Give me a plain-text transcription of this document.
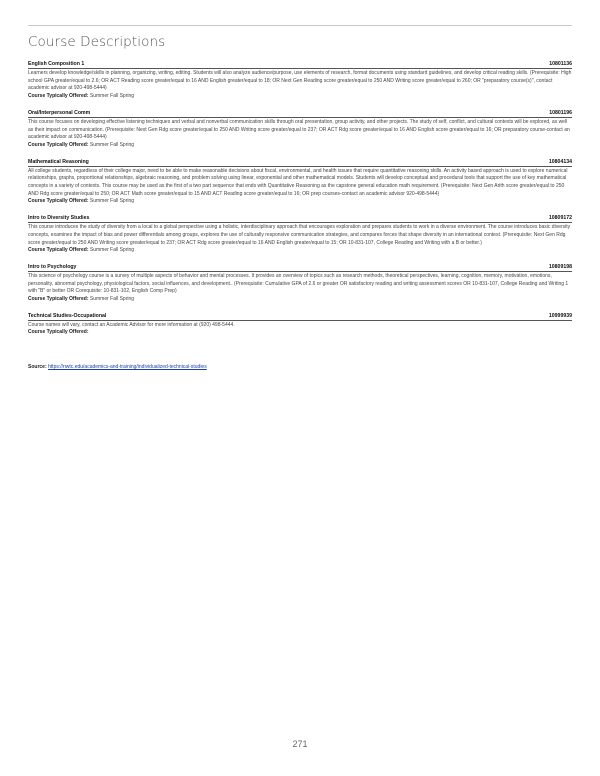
Course Descriptions
English Composition 1	10801136
Learners develop knowledge/skills in planning, organizing, writing, editing. Students will also analyze audience/purpose, use elements of research, format documents using standard guidelines, and develop critical reading skills. (Prerequisite: High school GPA greater/equal to 2.6; OR ACT Reading score greater/equal to 16 AND English greater/equal to 18; OR Next Gen Reading score greater/equal to 250 AND Writing score greater/equal to 260; OR "preparatory course(s)", contact academic advisor at 920-498-5444)
Course Typically Offered: Summer Fall Spring
Oral/Interpersonal Comm	10801196
This course focuses on developing effective listening techniques and verbal and nonverbal communication skills through oral presentation, group activity, and other projects. The study of self, conflict, and cultural contexts will be explored, as well as their impact on communication. (Prerequisite: Next Gen Rdg score greater/equal to 250 AND Writing score greater/equal to 237; OR ACT Rdg score greater/equal to 16 AND English score greater/equal to 16; OR preparatory course-contact an academic advisor at 920-498-5444)
Course Typically Offered: Summer Fall Spring
Mathematical Reasoning	10804134
All college students, regardless of their college major, need to be able to make reasonable decisions about fiscal, environmental, and health issues that require quantitative reasoning skills. An activity based approach is used to explore numerical relationships, graphs, proportional relationships, algebraic reasoning, and problem solving using linear, exponential and other mathematical models. Students will develop conceptual and procedural tools that support the use of key mathematical concepts in a variety of contexts. This course may be used as the first of a two part sequence that ends with Quantitative Reasoning as the capstone general education math requirement. (Prerequisite: Next Gen Arith score greater/equal to 250 AND Rdg score greater/equal to 250; OR ACT Math score greater/equal to 15 AND ACT Reading score greater/equal to 16; OR prep courses-contact an academic advisor 920-498-5444)
Course Typically Offered: Summer Fall Spring
Intro to Diversity Studies	10809172
This course introduces the study of diversity from a local to a global perspective using a holistic, interdisciplinary approach that encourages exploration and prepares students to work in a diverse environment. The course introduces basic diversity concepts, examines the impact of bias and power differentials among groups, explores the use of culturally responsive communication strategies, and compares forces that shape diversity in an international context. (Prerequisite: Next Gen Rdg score greater/equal to 250 AND Writing score greater/equal to 237; OR ACT Rdg score greater/equal to 16 AND English greater/equal to 15; OR 10-831-107, College Reading and Writing with a B or better.)
Course Typically Offered: Summer Fall Spring
Intro to Psychology	10809198
This science of psychology course is a survey of multiple aspects of behavior and mental processes. It provides an overview of topics such as research methods, theoretical perspectives, learning, cognition, memory, motivation, emotions, personality, abnormal psychology, physiological factors, social influences, and development.. (Prerequisite: Cumulative GPA of 2.6 or greater OR satisfactory reading and writing assessment scores OR 10-831-107, College Reading and Writing 1 with "B" or better OR Corequisite: 10-831-102, English Comp Prep)
Course Typically Offered: Summer Fall Spring
Technical Studies-Occupational	10999939
Course names will vary, contact an Academic Advisor for more information at (920) 498-5444.
Course Typically Offered:
Source: https://nwtc.edu/academics-and-training/individualized-technical-studies
271
